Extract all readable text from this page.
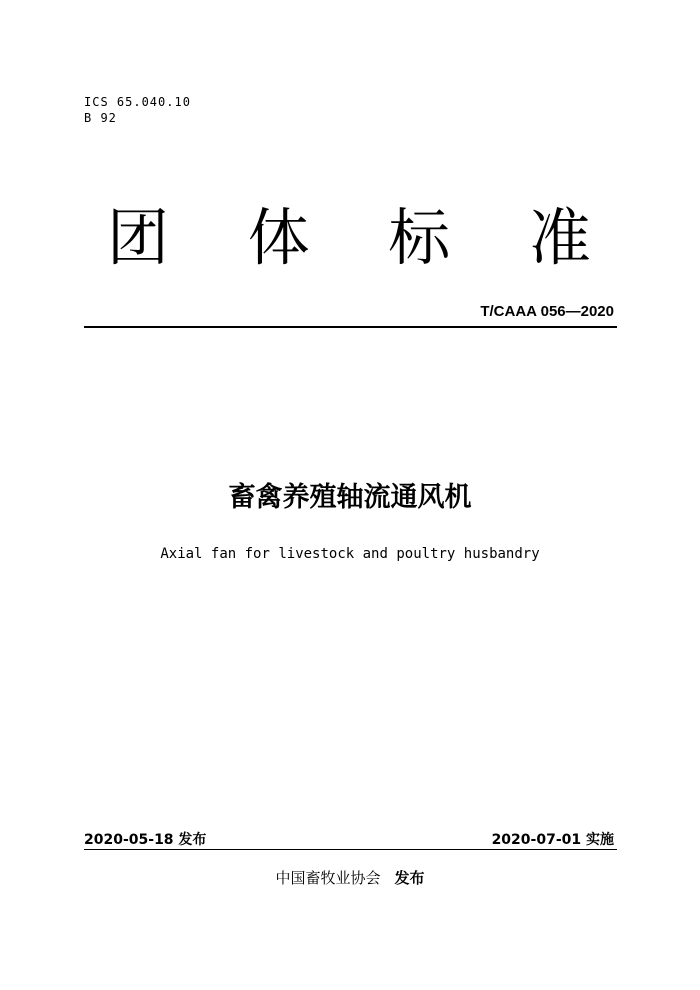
ICS 65.040.10
B 92
团 体 标 准
T/CAAA 056—2020
畜禽养殖轴流通风机
Axial fan for livestock and poultry husbandry
2020-05-18 发布	2020-07-01 实施
中国畜牧业协会 发布
